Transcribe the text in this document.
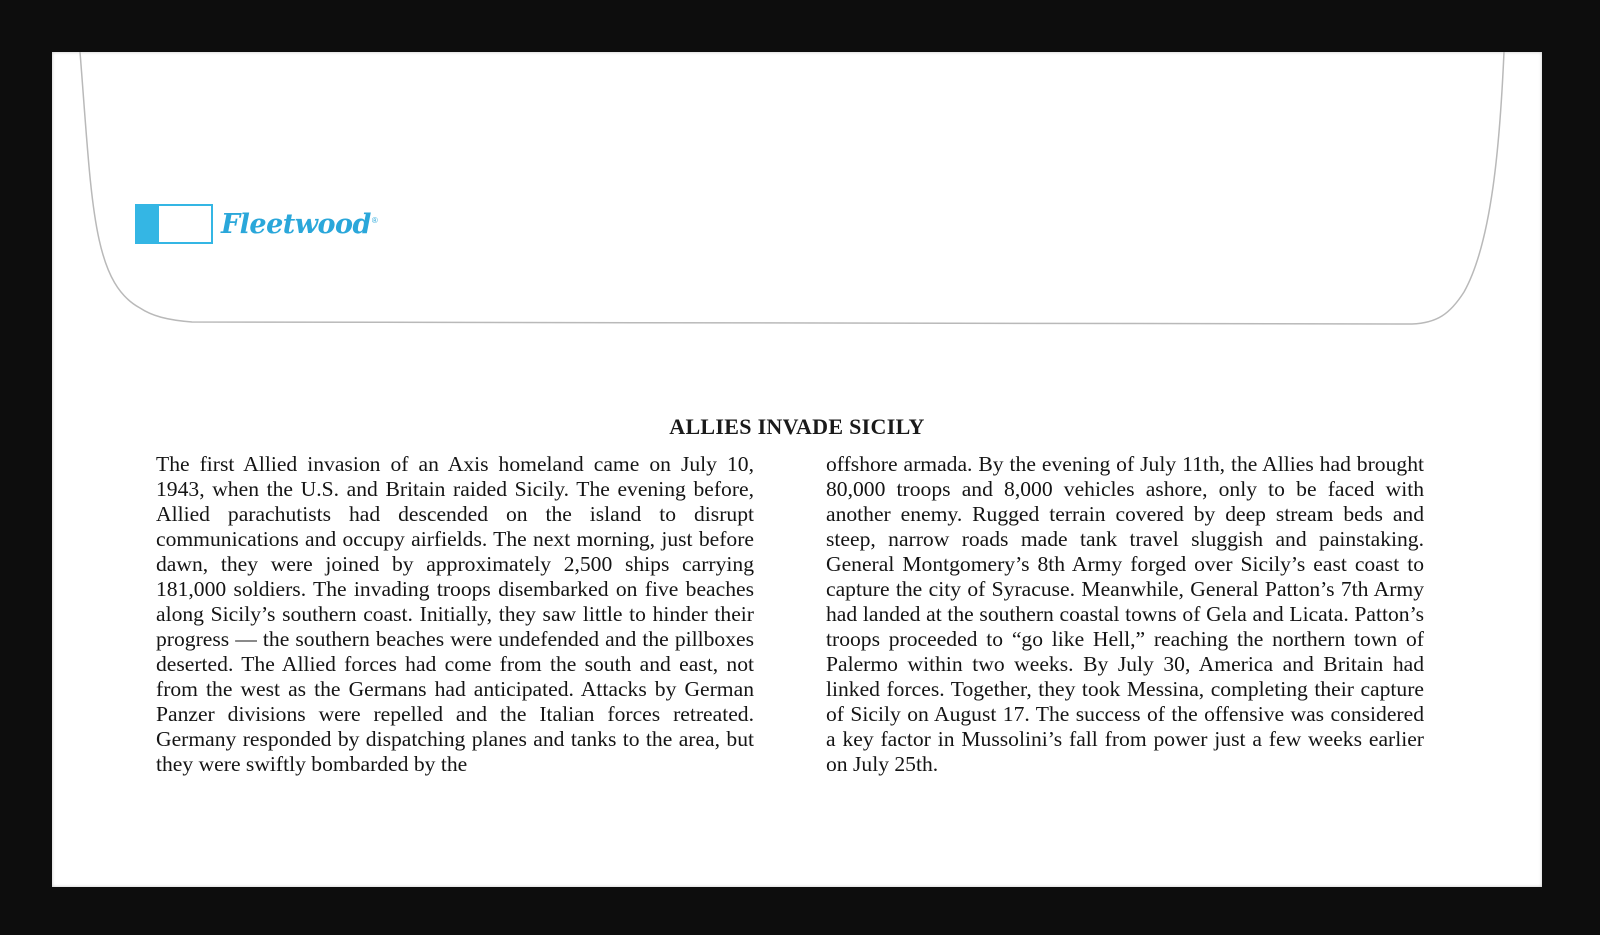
Fleetwood ®
ALLIES INVADE SICILY

The first Allied invasion of an Axis homeland came on July 10, 1943, when the U.S. and Britain raided Sicily. The evening before, Allied parachutists had descended on the island to disrupt communications and occupy airfields. The next morning, just before dawn, they were joined by approximately 2,500 ships carrying 181,000 soldiers. The invading troops disembarked on five beaches along Sicily’s southern coast. Initially, they saw little to hinder their progress — the southern beaches were undefended and the pillboxes deserted. The Allied forces had come from the south and east, not from the west as the Germans had anticipated. Attacks by German Panzer divisions were repelled and the Italian forces retreated. Germany responded by dispatching planes and tanks to the area, but they were swiftly bombarded by the

offshore armada. By the evening of July 11th, the Allies had brought 80,000 troops and 8,000 vehicles ashore, only to be faced with another enemy. Rugged terrain covered by deep stream beds and steep, narrow roads made tank travel sluggish and painstaking. General Montgomery’s 8th Army forged over Sicily’s east coast to capture the city of Syracuse. Meanwhile, General Patton’s 7th Army had landed at the southern coastal towns of Gela and Licata. Patton’s troops proceeded to “go like Hell,” reaching the northern town of Palermo within two weeks. By July 30, America and Britain had linked forces. Together, they took Messina, completing their capture of Sicily on August 17. The success of the offensive was considered a key factor in Mussolini’s fall from power just a few weeks earlier on July 25th.
